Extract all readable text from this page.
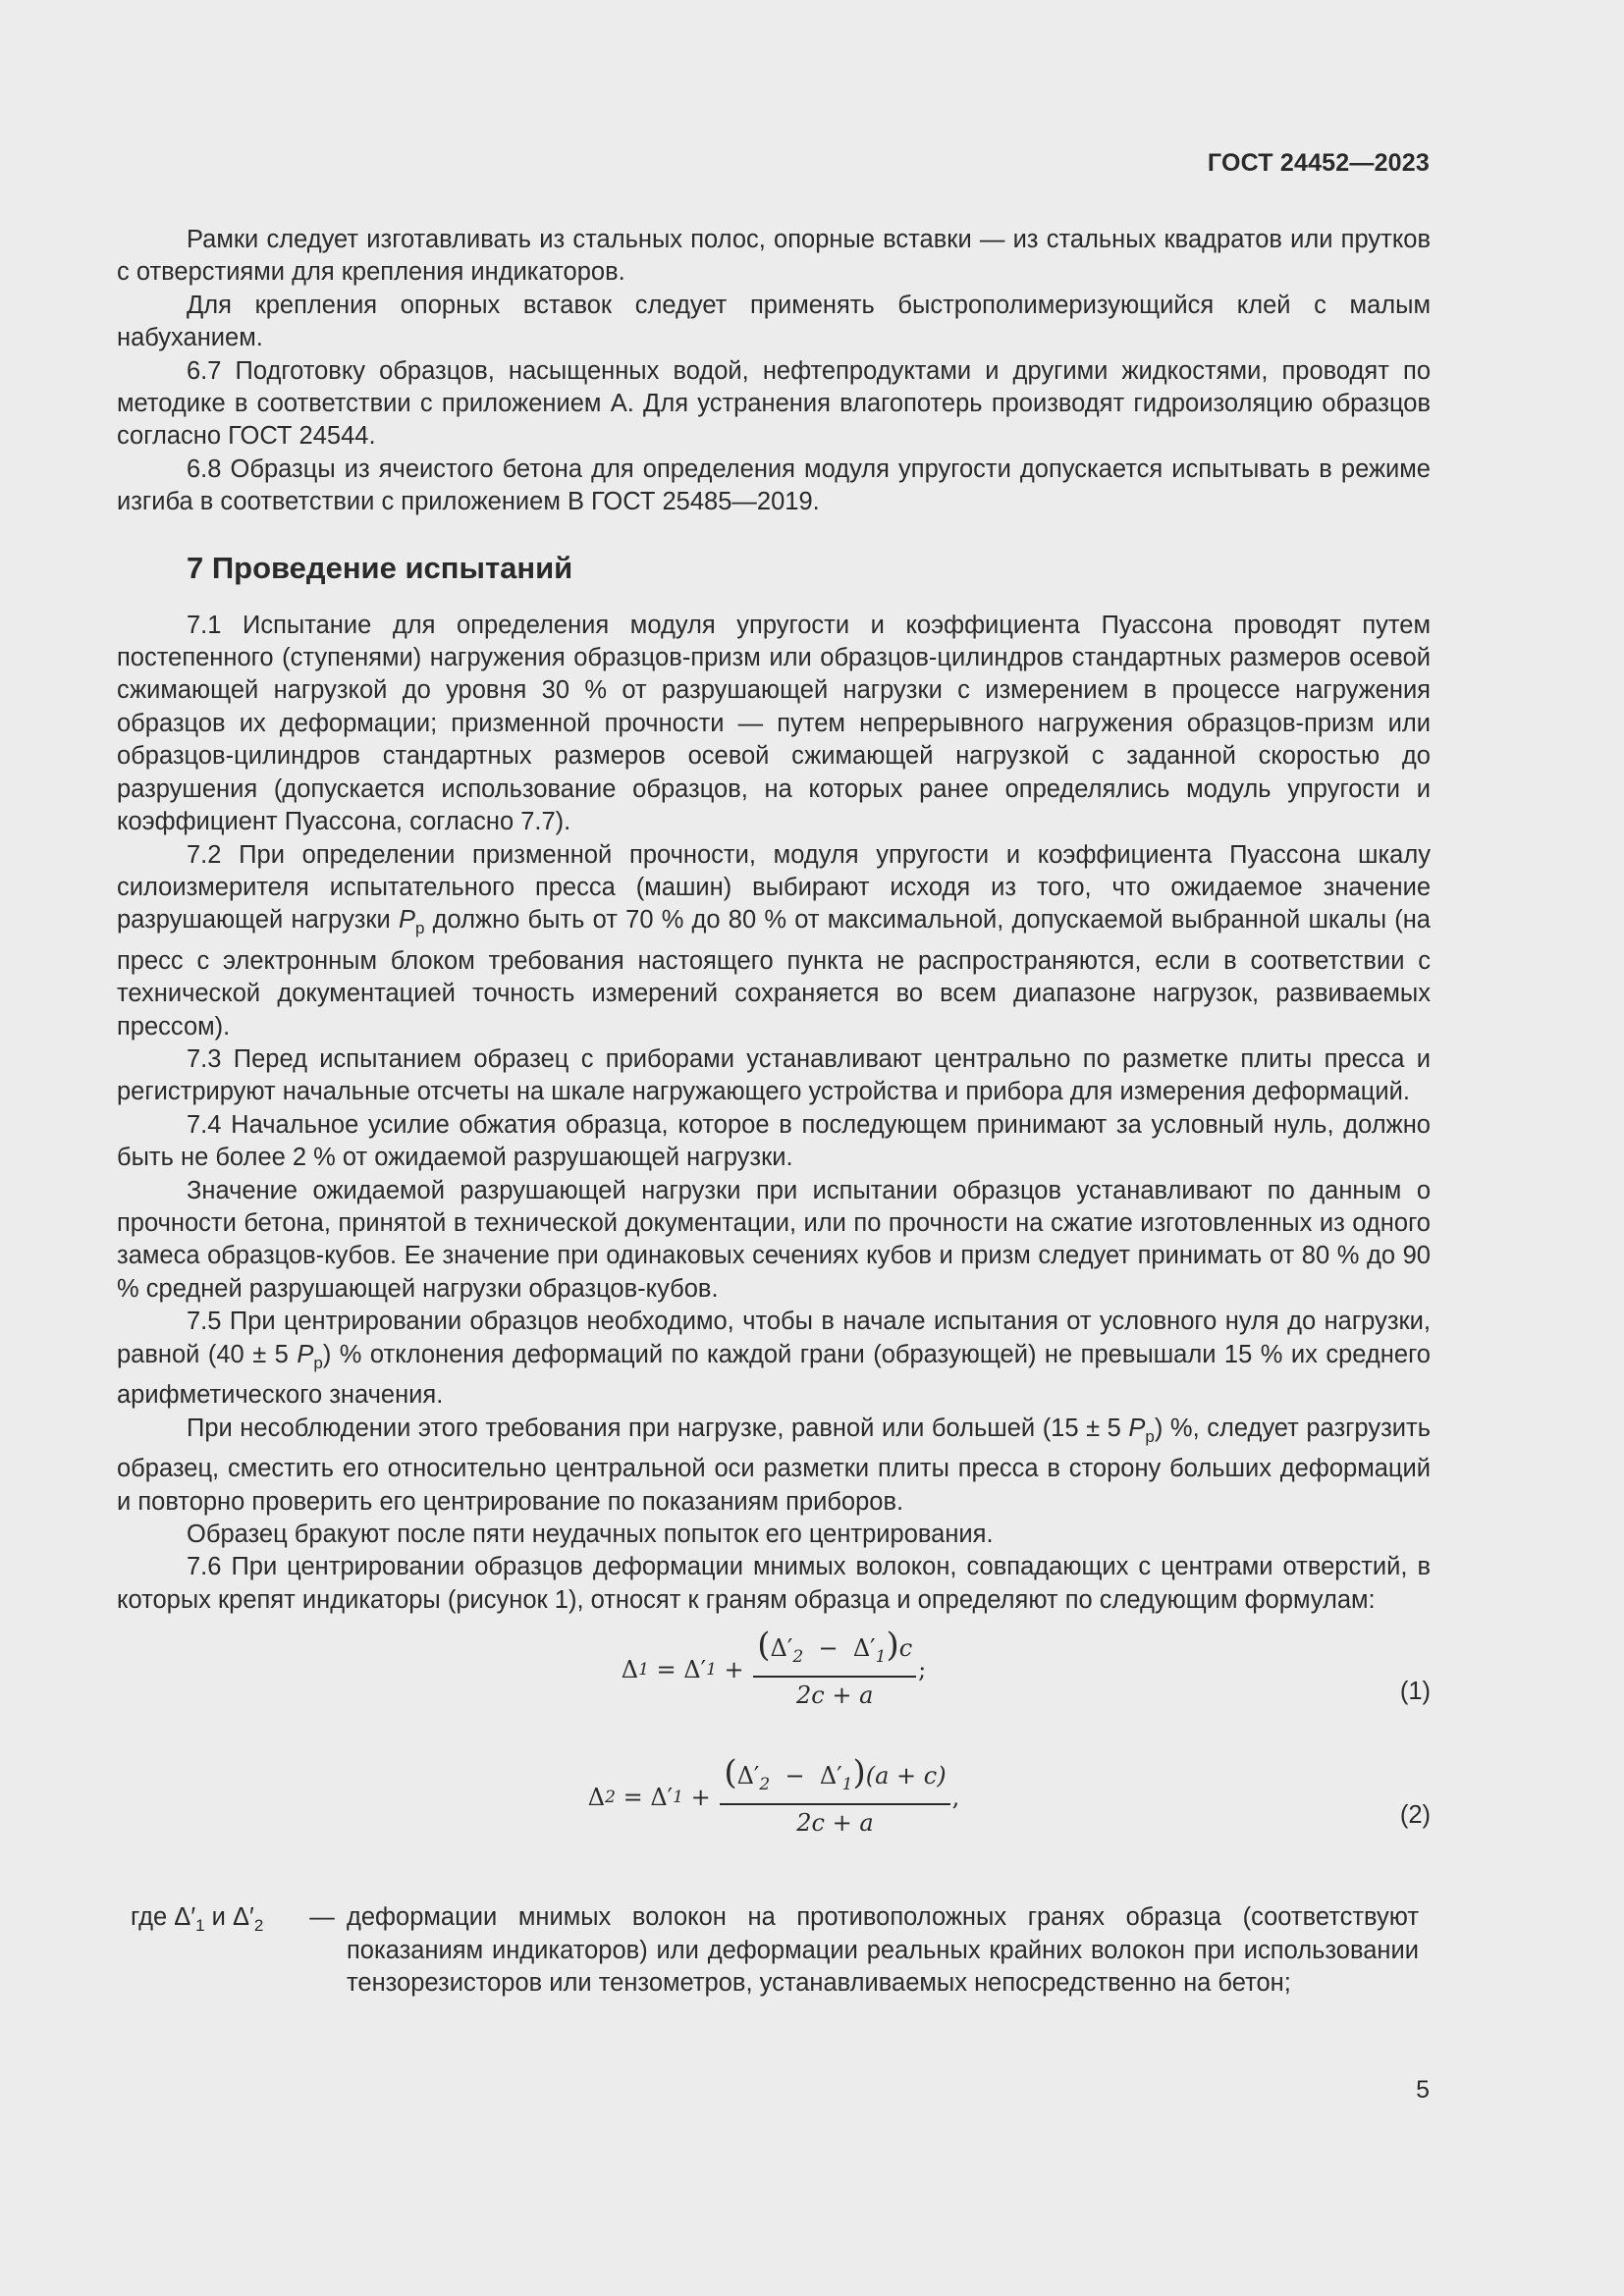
ГОСТ 24452—2023

Рамки следует изготавливать из стальных полос, опорные вставки — из стальных квадратов или прутков с отверстиями для крепления индикаторов.

Для крепления опорных вставок следует применять быстрополимеризующийся клей с малым набуханием.

6.7 Подготовку образцов, насыщенных водой, нефтепродуктами и другими жидкостями, проводят по методике в соответствии с приложением А. Для устранения влагопотерь производят гидроизоляцию образцов согласно ГОСТ 24544.

6.8 Образцы из ячеистого бетона для определения модуля упругости допускается испытывать в режиме изгиба в соответствии с приложением В ГОСТ 25485—2019.

7 Проведение испытаний

7.1 Испытание для определения модуля упругости и коэффициента Пуассона проводят путем постепенного (ступенями) нагружения образцов-призм или образцов-цилиндров стандартных размеров осевой сжимающей нагрузкой до уровня 30 % от разрушающей нагрузки с измерением в процессе нагружения образцов их деформации; призменной прочности — путем непрерывного нагружения образцов-призм или образцов-цилиндров стандартных размеров осевой сжимающей нагрузкой с заданной скоростью до разрушения (допускается использование образцов, на которых ранее определялись модуль упругости и коэффициент Пуассона, согласно 7.7).

7.2 При определении призменной прочности, модуля упругости и коэффициента Пуассона шкалу силоизмерителя испытательного пресса (машин) выбирают исходя из того, что ожидаемое значение разрушающей нагрузки $P_p$ должно быть от 70 % до 80 % от максимальной, допускаемой выбранной шкалы (на пресс с электронным блоком требования настоящего пункта не распространяются, если в соответствии с технической документацией точность измерений сохраняется во всем диапазоне нагрузок, развиваемых прессом).

7.3 Перед испытанием образец с приборами устанавливают центрально по разметке плиты пресса и регистрируют начальные отсчеты на шкале нагружающего устройства и прибора для измерения деформаций.

7.4 Начальное усилие обжатия образца, которое в последующем принимают за условный нуль, должно быть не более 2 % от ожидаемой разрушающей нагрузки.

Значение ожидаемой разрушающей нагрузки при испытании образцов устанавливают по данным о прочности бетона, принятой в технической документации, или по прочности на сжатие изготовленных из одного замеса образцов-кубов. Ее значение при одинаковых сечениях кубов и призм следует принимать от 80 % до 90 % средней разрушающей нагрузки образцов-кубов.

7.5 При центрировании образцов необходимо, чтобы в начале испытания от условного нуля до нагрузки, равной (40 ± 5 $P_p$) % отклонения деформаций по каждой грани (образующей) не превышали 15 % их среднего арифметического значения.

При несоблюдении этого требования при нагрузке, равной или большей (15 ± 5 $P_p$) %, следует разгрузить образец, сместить его относительно центральной оси разметки плиты пресса в сторону больших деформаций и повторно проверить его центрирование по показаниям приборов.

Образец бракуют после пяти неудачных попыток его центрирования.

7.6 При центрировании образцов деформации мнимых волокон, совпадающих с центрами отверстий, в которых крепят индикаторы (рисунок 1), относят к граням образца и определяют по следующим формулам:

Δ 1 = Δ ′ $1 + \frac{(\Delta'_2 - \Delta'_1)c}{2c + a}$ ;
(1)
Δ 2 = Δ ′ $1 + \frac{(\Delta'_2 - \Delta'_1)(a + c)}{2c + a}$ ,
(2)
где $\Delta'_1$ и $\Delta'_2$	— деформации мнимых волокон на противоположных гранях образца (соответствуют показаниям индикаторов) или деформации реальных крайних волокон при использовании тензорезисторов или тензометров, устанавливаемых непосредственно на бетон;
5
